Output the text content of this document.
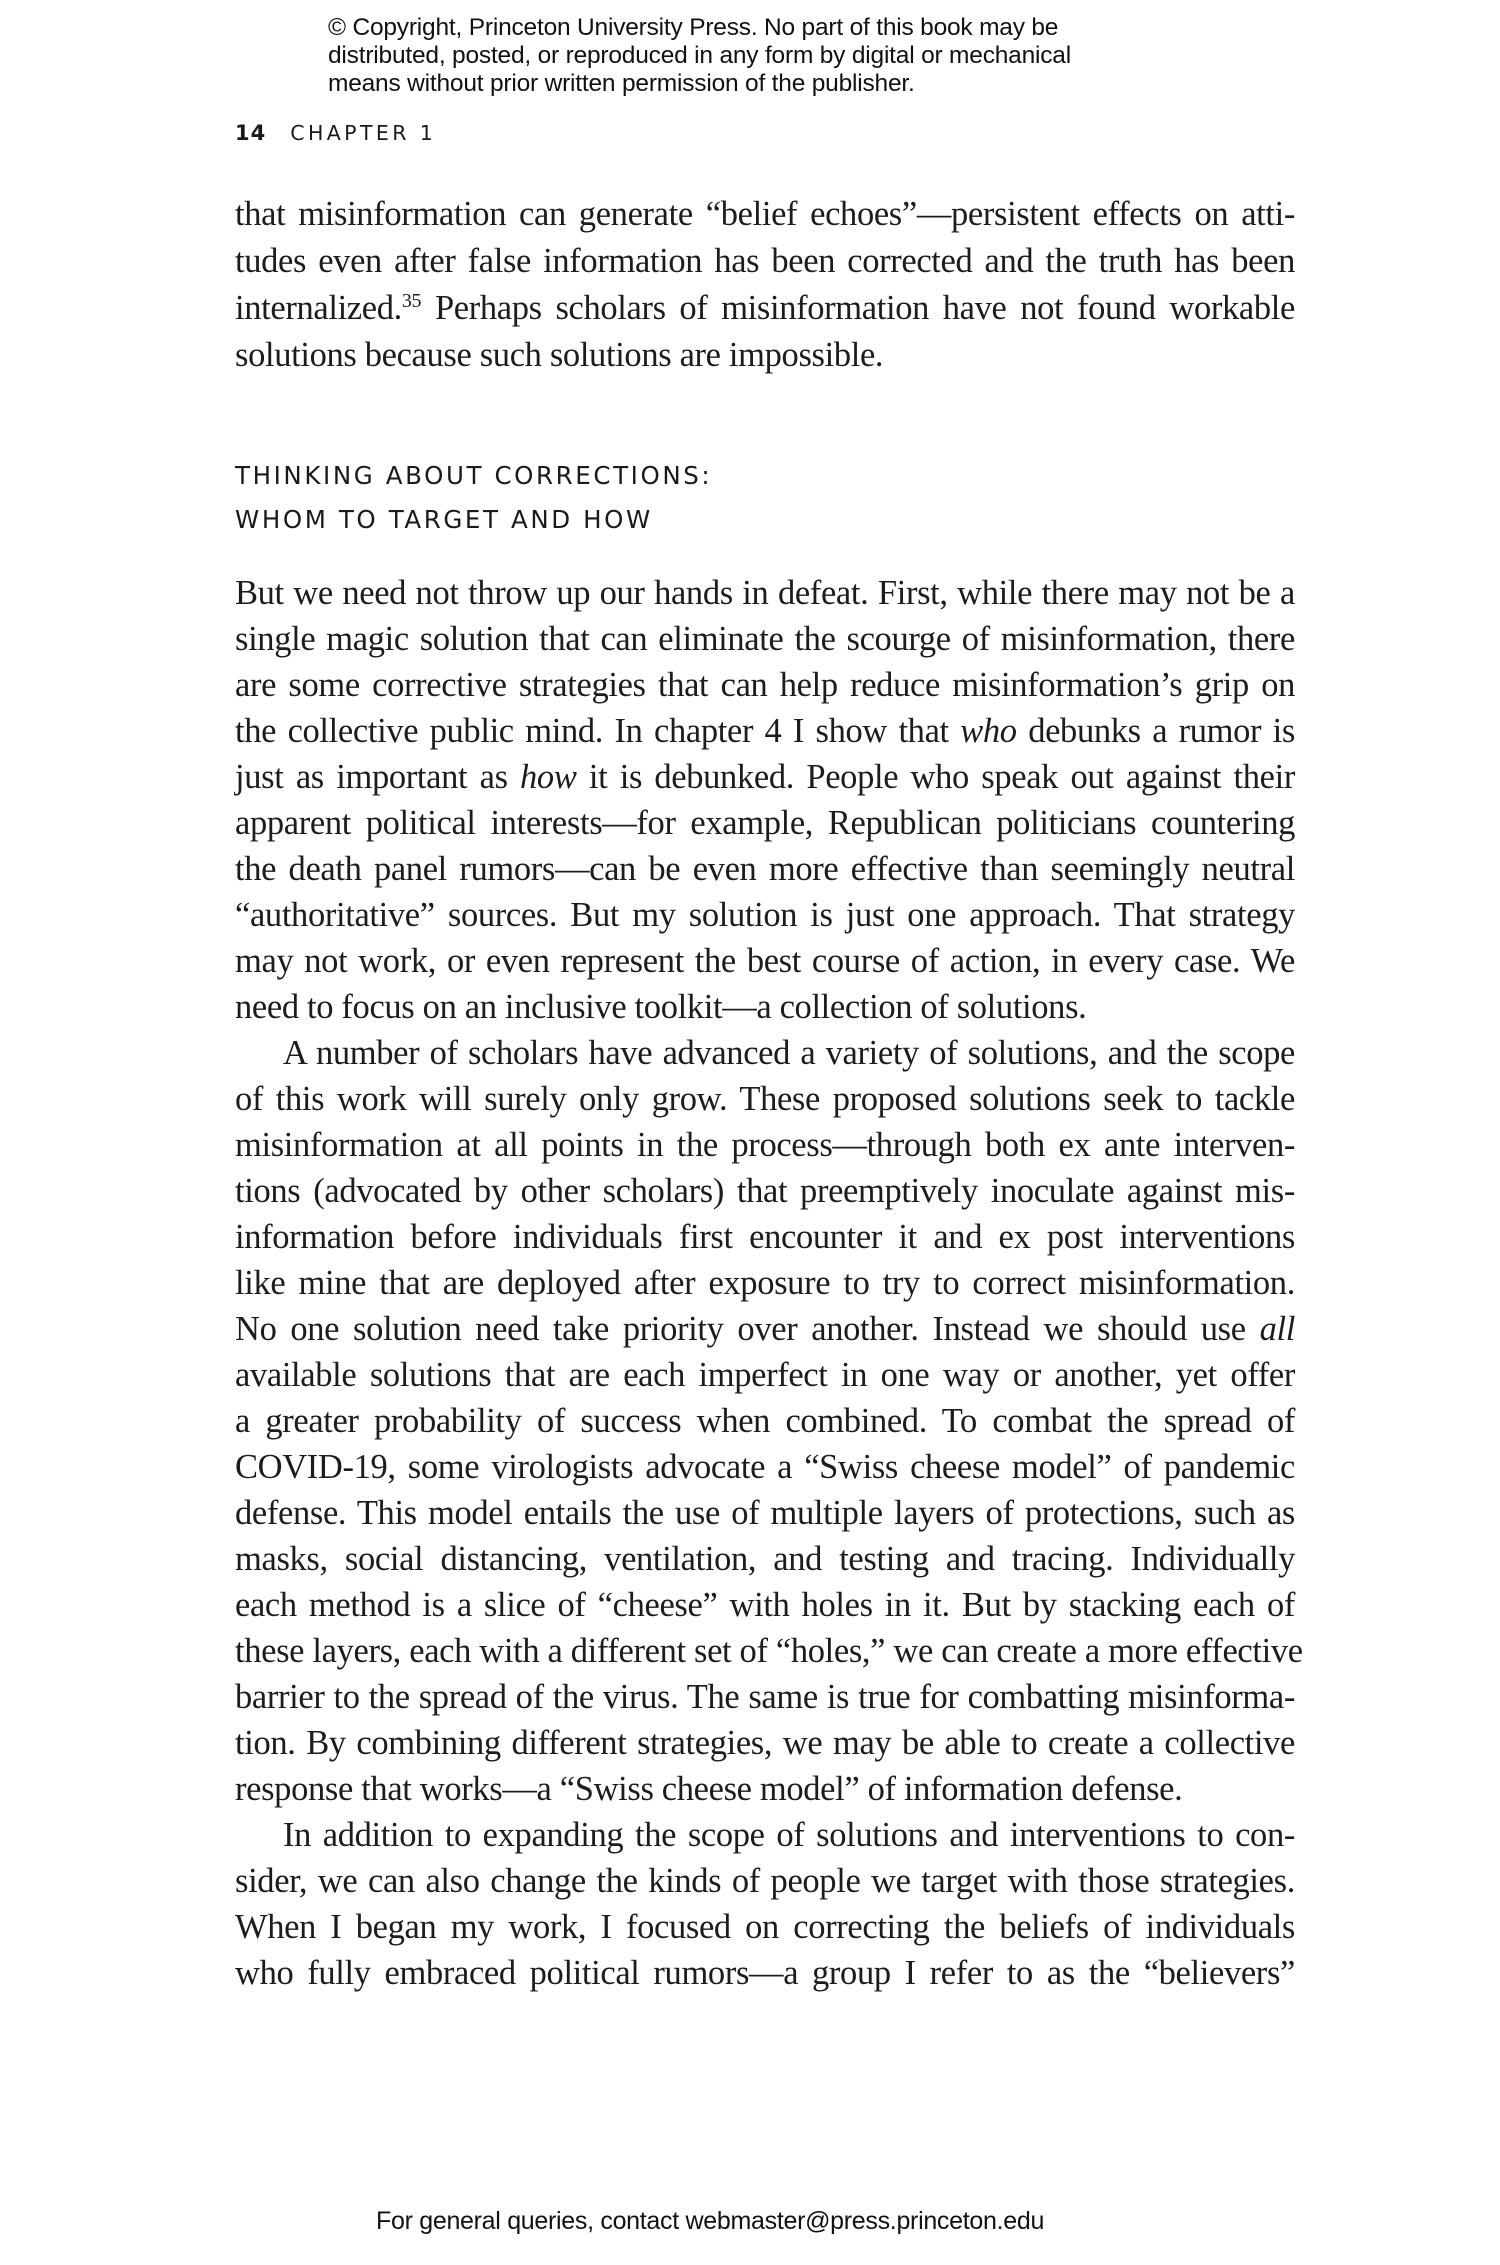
© Copyright, Princeton University Press. No part of this book may be
distributed, posted, or reproduced in any form by digital or mechanical
means without prior written permission of the publisher.
14 CHAPTER 1
that misinformation can generate “belief echoes”—persistent effects on atti-
tudes even after false information has been corrected and the truth has been
internalized.$^{35}$ Perhaps scholars of misinformation have not found workable
solutions because such solutions are impossible.
THINKING ABOUT CORRECTIONS:
WHOM TO TARGET AND HOW
But we need not throw up our hands in defeat. First, while there may not be a
single magic solution that can eliminate the scourge of misinformation, there
are some corrective strategies that can help reduce misinformation’s grip on
the collective public mind. In chapter 4 I show that who debunks a rumor is
just as important as how it is debunked. People who speak out against their
apparent political interests—for example, Republican politicians countering
the death panel rumors—can be even more effective than seemingly neutral
“authoritative” sources. But my solution is just one approach. That strategy
may not work, or even represent the best course of action, in every case. We
need to focus on an inclusive toolkit—a collection of solutions.
A number of scholars have advanced a variety of solutions, and the scope
of this work will surely only grow. These proposed solutions seek to tackle
misinformation at all points in the process—through both ex ante interven-
tions (advocated by other scholars) that preemptively inoculate against mis-
information before individuals first encounter it and ex post interventions
like mine that are deployed after exposure to try to correct misinformation.
No one solution need take priority over another. Instead we should use all
available solutions that are each imperfect in one way or another, yet offer
a greater probability of success when combined. To combat the spread of
COVID-19, some virologists advocate a “Swiss cheese model” of pandemic
defense. This model entails the use of multiple layers of protections, such as
masks, social distancing, ventilation, and testing and tracing. Individually
each method is a slice of “cheese” with holes in it. But by stacking each of
these layers, each with a different set of “holes,” we can create a more effective
barrier to the spread of the virus. The same is true for combatting misinforma-
tion. By combining different strategies, we may be able to create a collective
response that works—a “Swiss cheese model” of information defense.
In addition to expanding the scope of solutions and interventions to con-
sider, we can also change the kinds of people we target with those strategies.
When I began my work, I focused on correcting the beliefs of individuals
who fully embraced political rumors—a group I refer to as the “believers”
For general queries, contact webmaster@press.princeton.edu
